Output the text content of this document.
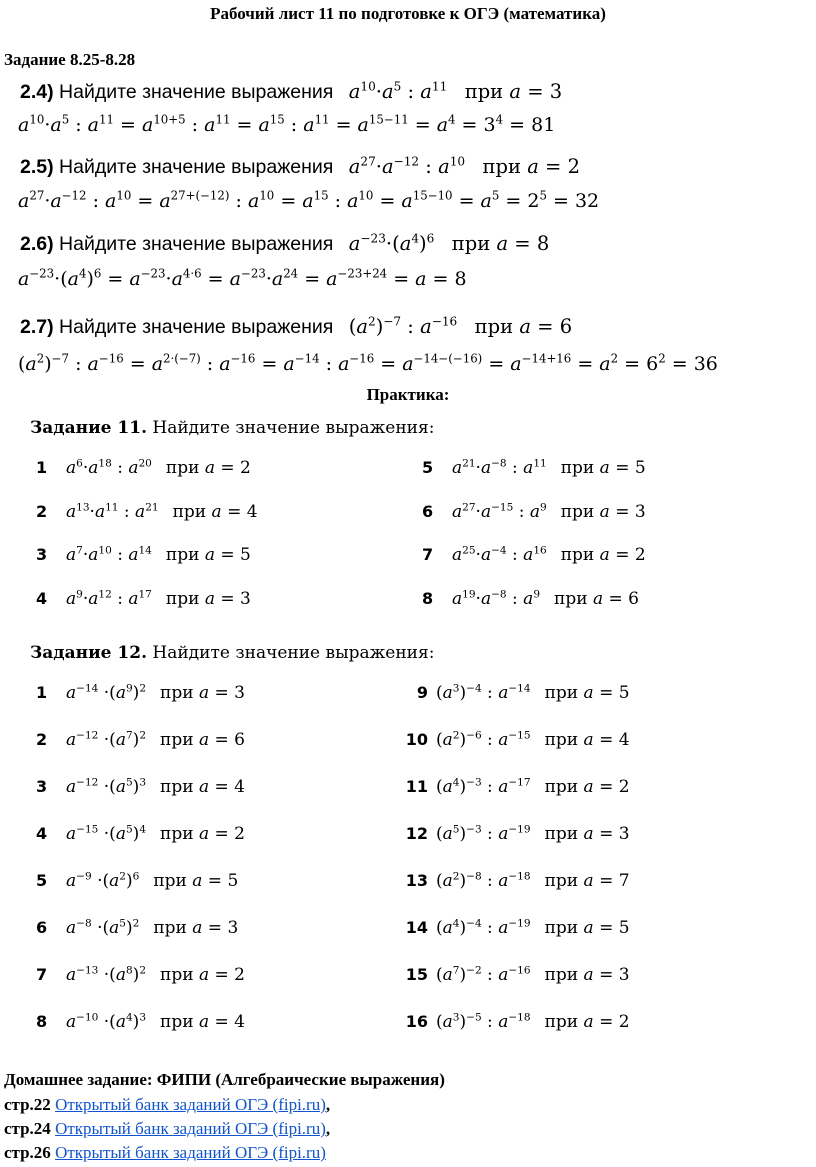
Рабочий лист 11 по подготовке к ОГЭ (математика)
Задание 8.25-8.28
2.4) Найдите значение выражения $a^{10}\cdot a^5$ : $a^{11}$ при a = 3
$a^{10}\cdot a^5$ : $a^{11} = a^{10+5}$ : $a^{11} = a^{15}$ : $a^{11} = a^{15-11} = a^4 = 3^4 = 81$
2.5) Найдите значение выражения $a^{27}\cdot a^{-12}$ : $a^{10}$ при a = 2
$a^{27}\cdot a^{-12}$ : $a^{10} = a^{27+(-12)}$ : $a^{10} = a^{15}$ : $a^{10} = a^{15-10} = a^5 = 2^5 = 32$
2.6) Найдите значение выражения $a^{-23}\cdot(a^4)^6$ при a = 8
$a^{-23}\cdot(a^4)^6 = a^{-23}\cdot a^{4\cdot 6} = a^{-23}\cdot a^{24} = a^{-23+24} = a = 8$
2.7) Найдите значение выражения $(a^2)^{-7}$ : $a^{-16}$ при a = 6
$(a^2)^{-7}$ : $a^{-16} = a^{2\cdot(-7)}$ : $a^{-16} = a^{-14}$ : $a^{-16} = a^{-14-(-16)} = a^{-14+16} = a^2 = 6^2 = 36$
Практика:
Задание 11. Найдите значение выражения:
Задание 12. Найдите значение выражения:
Домашнее задание: ФИПИ (Алгебраические выражения)
стр.22 Открытый банк заданий ОГЭ (fipi.ru),
стр.24 Открытый банк заданий ОГЭ (fipi.ru),
стр.26 Открытый банк заданий ОГЭ (fipi.ru)
1 $a^6\cdot a^{18}$ : $a^{20}$ при a = 2
2 $a^{13}\cdot a^{11}$ : $a^{21}$ при a = 4
3 $a^7\cdot a^{10}$ : $a^{14}$ при a = 5
4 $a^9\cdot a^{12}$ : $a^{17}$ при a = 3
5 $a^{21}\cdot a^{-8}$ : $a^{11}$ при a = 5
6 $a^{27}\cdot a^{-15}$ : $a^9$ при a = 3
7 $a^{25}\cdot a^{-4}$ : $a^{16}$ при a = 2
8 $a^{19}\cdot a^{-8}$ : $a^9$ при a = 6
1 $a^{-14} \cdot(a^9)^2$ при a = 3
2 $a^{-12} \cdot(a^7)^2$ при a = 6
3 $a^{-12} \cdot(a^5)^3$ при a = 4
4 $a^{-15} \cdot(a^5)^4$ при a = 2
5 $a^{-9} \cdot(a^2)^6$ при a = 5
6 $a^{-8} \cdot(a^5)^2$ при a = 3
7 $a^{-13} \cdot(a^8)^2$ при a = 2
8 $a^{-10} \cdot(a^4)^3$ при a = 4
9 $(a^3)^{-4}$ : $a^{-14}$ при a = 5
10 $(a^2)^{-6}$ : $a^{-15}$ при a = 4
11 $(a^4)^{-3}$ : $a^{-17}$ при a = 2
12 $(a^5)^{-3}$ : $a^{-19}$ при a = 3
13 $(a^2)^{-8}$ : $a^{-18}$ при a = 7
14 $(a^4)^{-4}$ : $a^{-19}$ при a = 5
15 $(a^7)^{-2}$ : $a^{-16}$ при a = 3
16 $(a^3)^{-5}$ : $a^{-18}$ при a = 2
